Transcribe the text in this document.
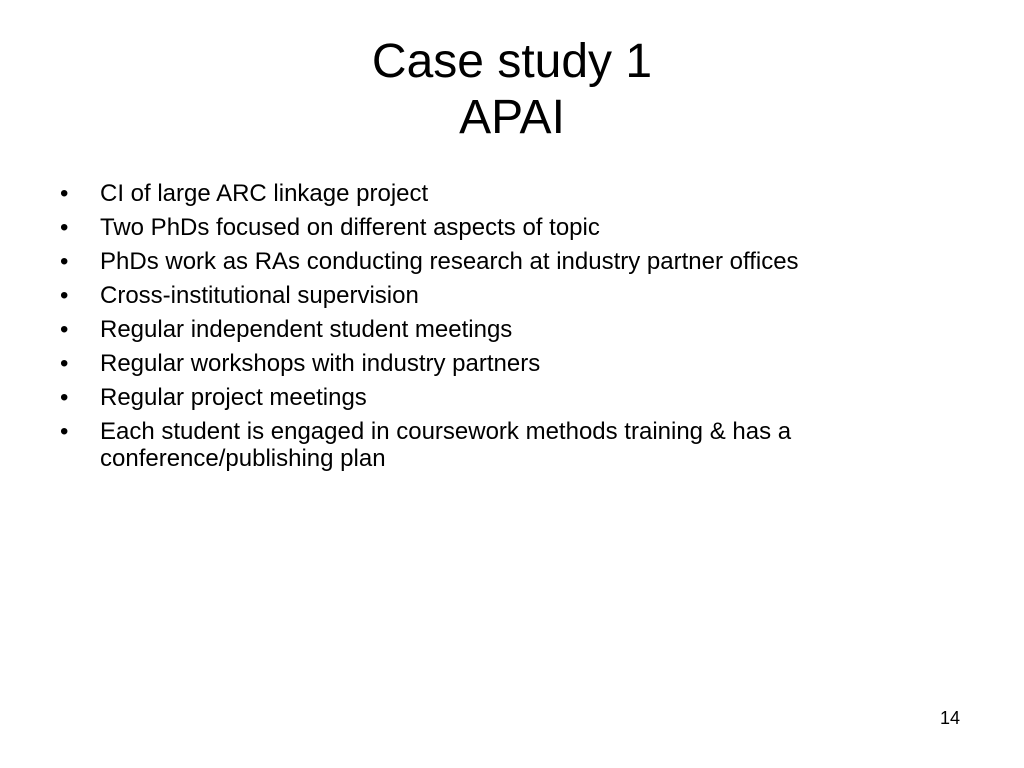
Case study 1
APAI
•	CI of large ARC linkage project
•	Two PhDs focused on different aspects of topic
•	PhDs work as RAs conducting research at industry partner offices
•	Cross-institutional supervision
•	Regular independent student meetings
•	Regular workshops with industry partners
•	Regular project meetings
•	Each student is engaged in coursework methods training & has a conference/publishing plan
14
